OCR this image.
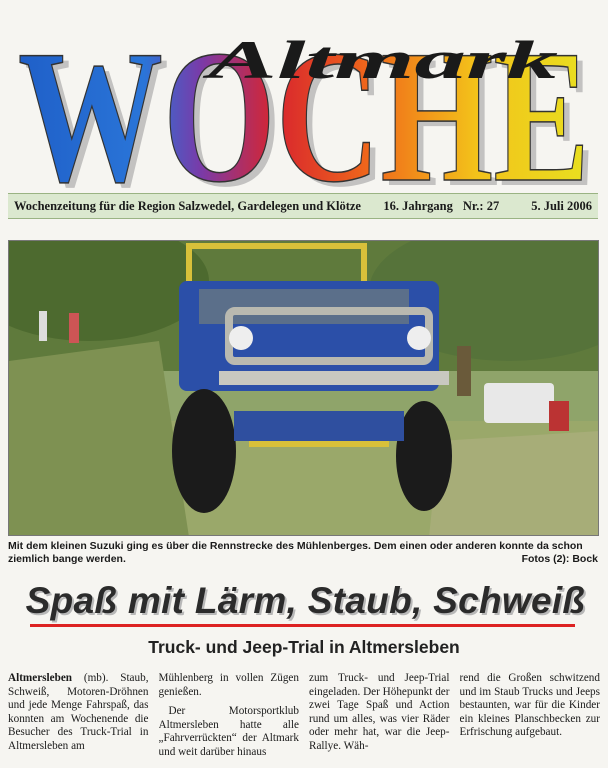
WOCHE
WOCHE
Altmark
Wochenzeitung für die Region Salzwedel, Gardelegen und Klötze	16. Jahrgang Nr.: 27	5. Juli 2006
Mit dem kleinen Suzuki ging es über die Rennstrecke des Mühlenberges. Dem einen oder anderen konnte da schon ziemlich bange werden.	Fotos (2): Bock
Spaß mit Lärm, Staub, Schweiß
Truck- und Jeep-Trial in Altmersleben

Altmersleben (mb). Staub, Schweiß, Motoren-Dröhnen und jede Menge Fahrspaß, das konnten am Wochenende die Besucher des Truck-Trial in Altmersleben am

Mühlenberg in vollen Zügen genießen.

Der Motorsportklub Altmersleben hatte alle „Fahrverrückten“ der Altmark und weit darüber hinaus

zum Truck- und Jeep-Trial eingeladen. Der Höhepunkt der zwei Tage Spaß und Action rund um alles, was vier Räder oder mehr hat, war die Jeep-Rallye. Wäh-

rend die Großen schwitzend und im Staub Trucks und Jeeps bestaunten, war für die Kinder ein kleines Planschbecken zur Erfrischung aufgebaut.
